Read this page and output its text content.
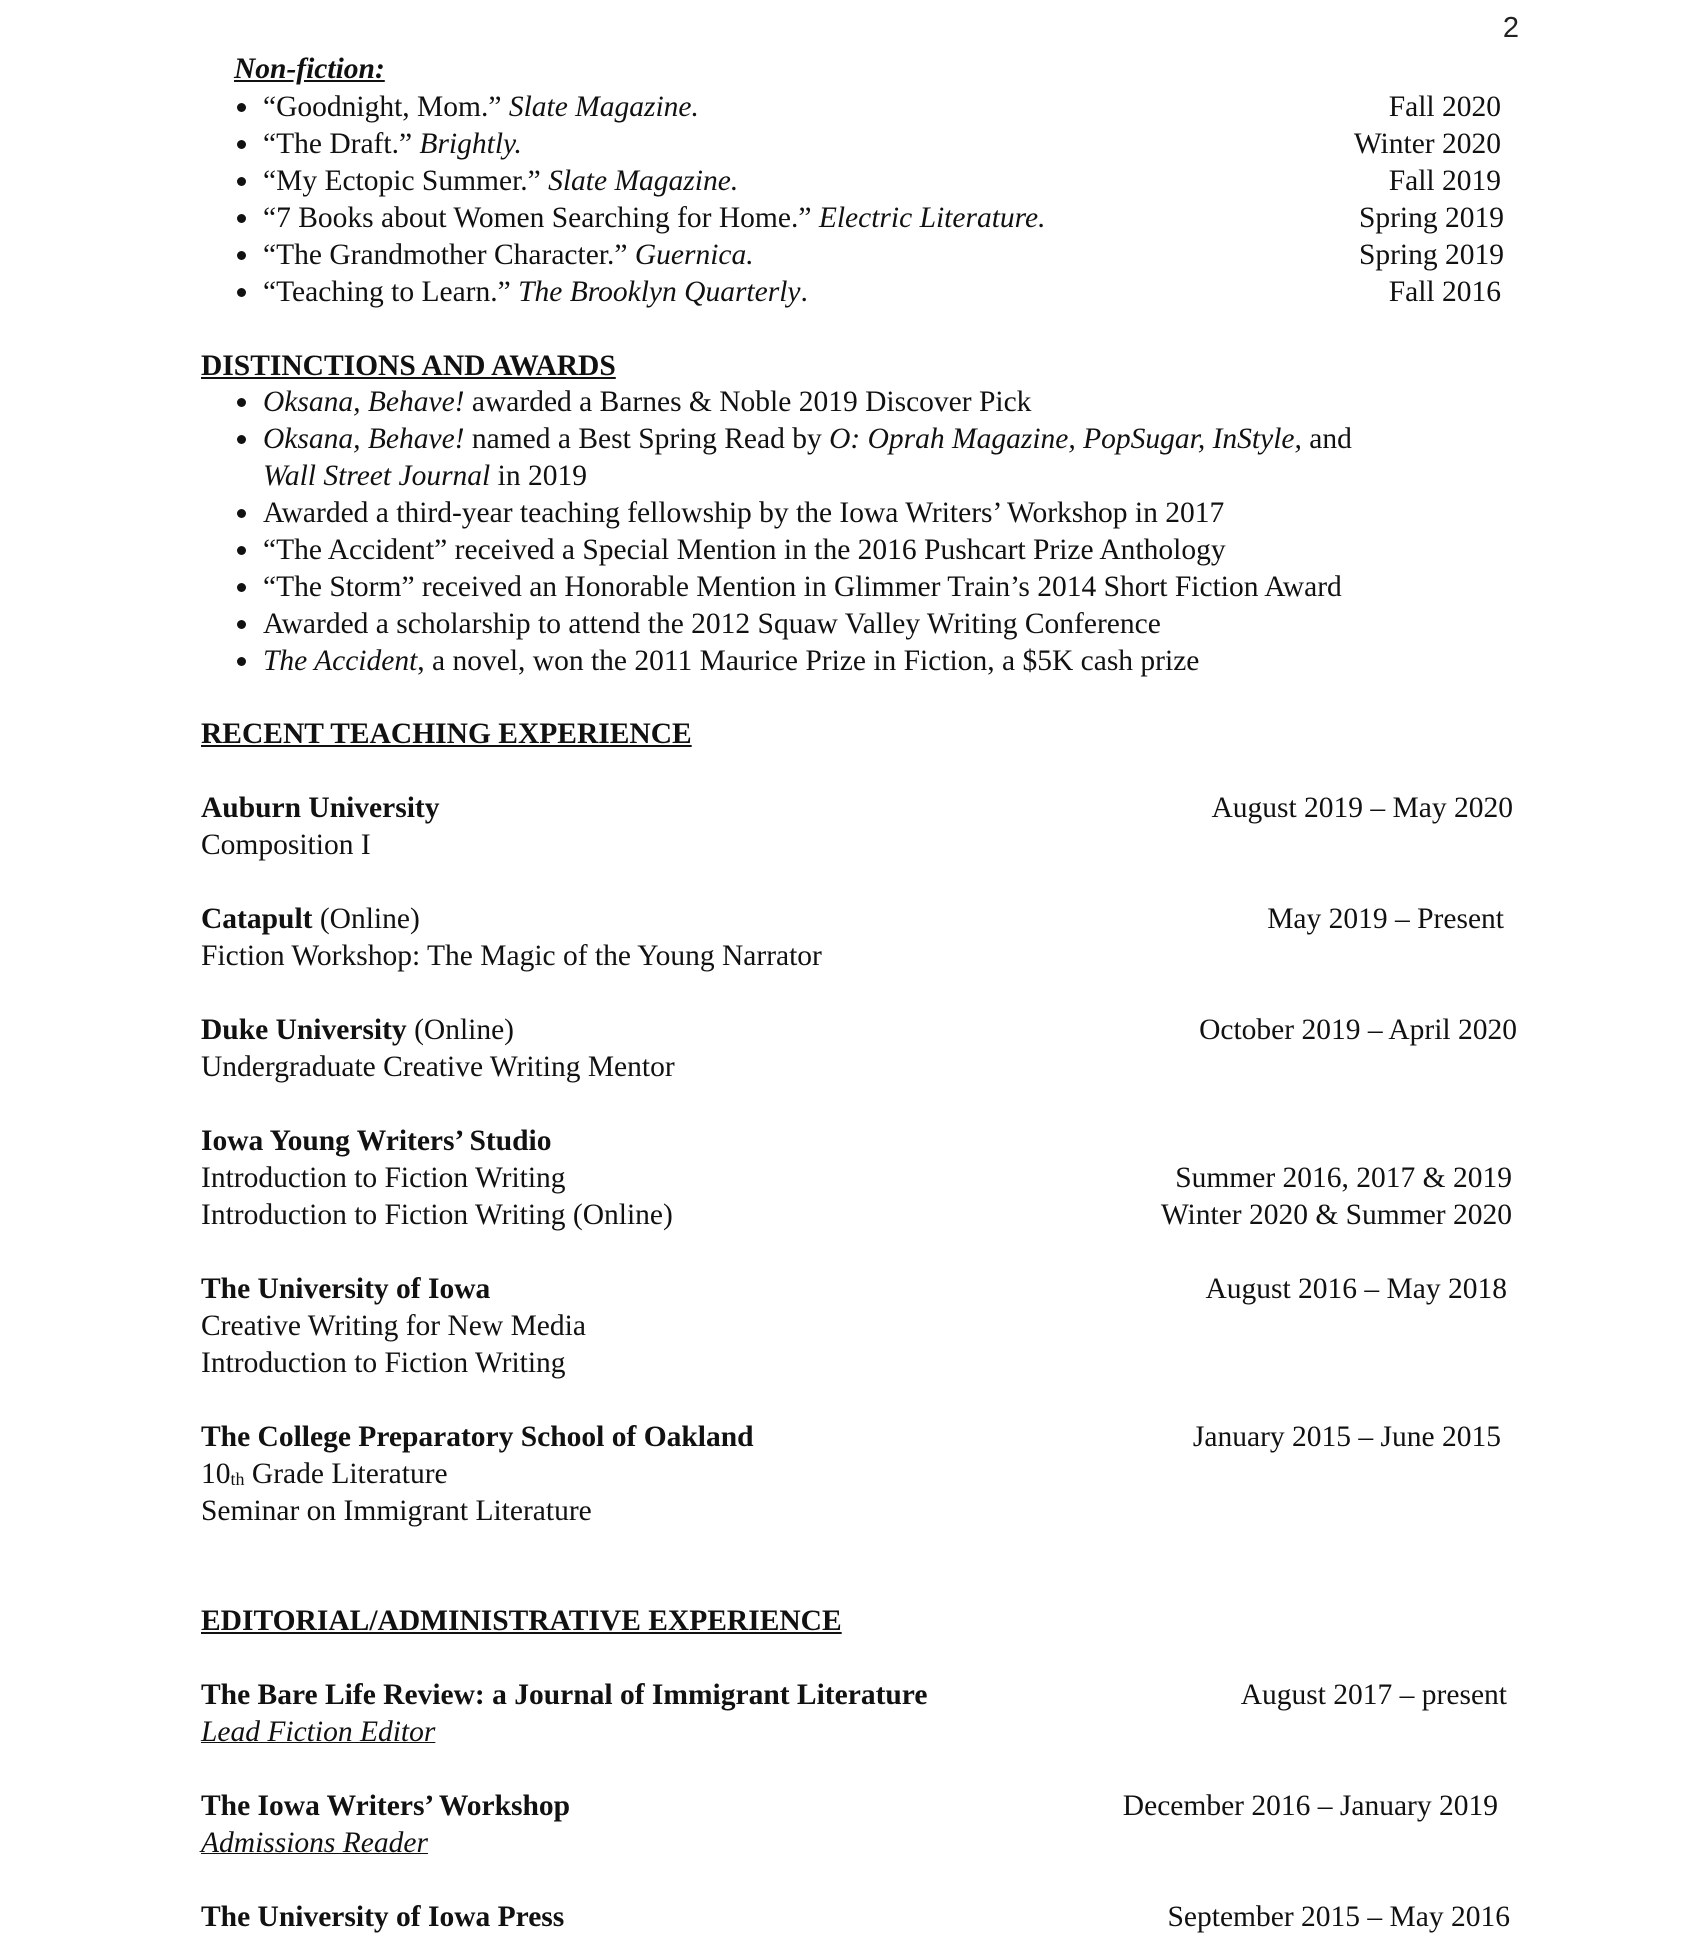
2
Non-fiction:
“Goodnight, Mom.” Slate Magazine.	Fall 2020
“The Draft.” Brightly.	Winter 2020
“My Ectopic Summer.” Slate Magazine.	Fall 2019
“7 Books about Women Searching for Home.” Electric Literature.	Spring 2019
“The Grandmother Character.” Guernica.	Spring 2019
“Teaching to Learn.” The Brooklyn Quarterly.	Fall 2016
DISTINCTIONS AND AWARDS
Oksana, Behave! awarded a Barnes & Noble 2019 Discover Pick
Oksana, Behave! named a Best Spring Read by O: Oprah Magazine, PopSugar, InStyle, and
Wall Street Journal in 2019
Awarded a third-year teaching fellowship by the Iowa Writers’ Workshop in 2017
“The Accident” received a Special Mention in the 2016 Pushcart Prize Anthology
“The Storm” received an Honorable Mention in Glimmer Train’s 2014 Short Fiction Award
Awarded a scholarship to attend the 2012 Squaw Valley Writing Conference
The Accident, a novel, won the 2011 Maurice Prize in Fiction, a $5K cash prize
RECENT TEACHING EXPERIENCE
Auburn University	August 2019 – May 2020
Composition I
Catapult (Online)	May 2019 – Present
Fiction Workshop: The Magic of the Young Narrator
Duke University (Online)	October 2019 – April 2020
Undergraduate Creative Writing Mentor
Iowa Young Writers’ Studio
Introduction to Fiction Writing	Summer 2016, 2017 & 2019
Introduction to Fiction Writing (Online)	Winter 2020 & Summer 2020
The University of Iowa	August 2016 – May 2018
Creative Writing for New Media
Introduction to Fiction Writing
The College Preparatory School of Oakland	January 2015 – June 2015
$10_{th}$ Grade Literature
Seminar on Immigrant Literature
EDITORIAL/ADMINISTRATIVE EXPERIENCE
The Bare Life Review: a Journal of Immigrant Literature	August 2017 – present
Lead Fiction Editor
The Iowa Writers’ Workshop	December 2016 – January 2019
Admissions Reader
The University of Iowa Press	September 2015 – May 2016
